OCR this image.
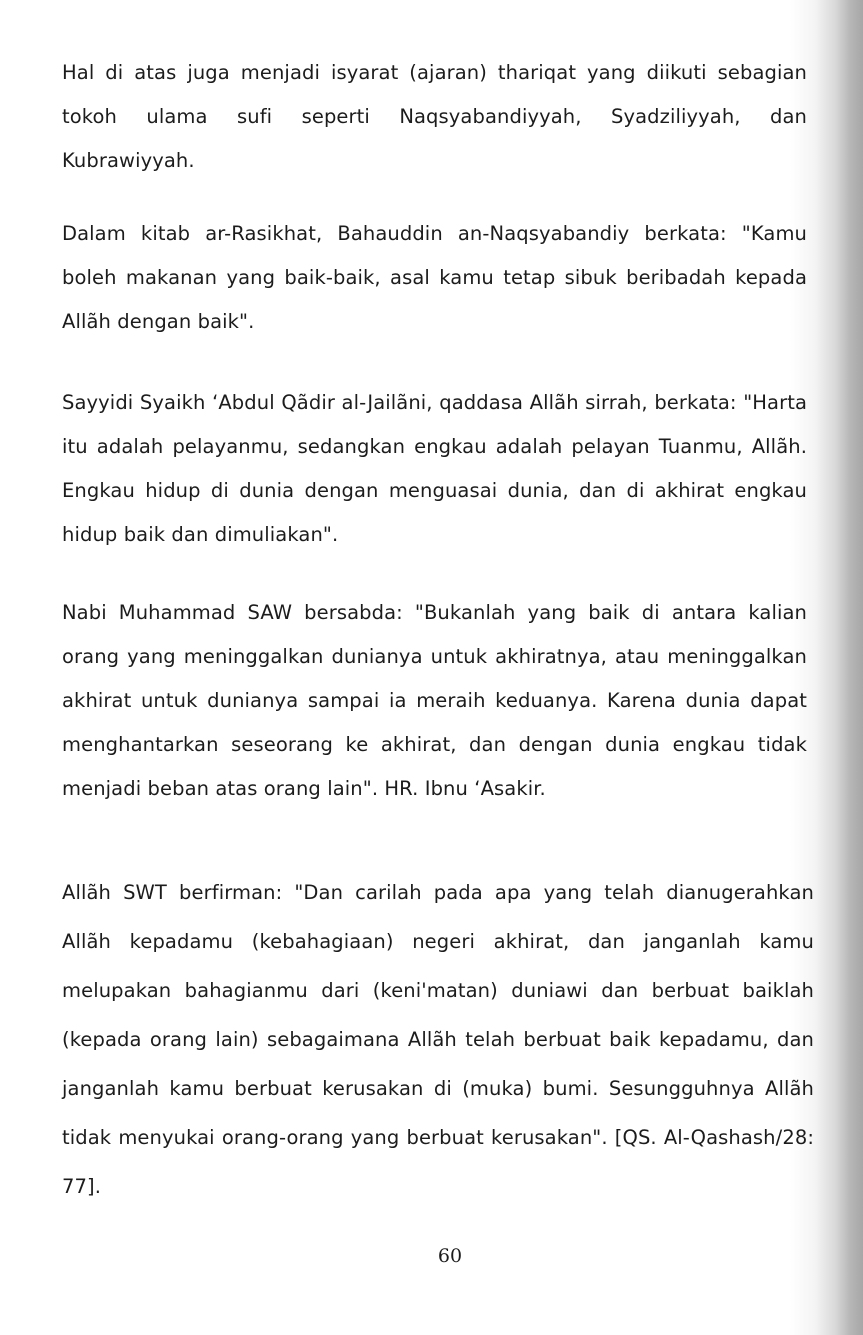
Hal di atas juga menjadi isyarat (ajaran) thariqat yang diikuti sebagian tokoh ulama sufi seperti Naqsyabandiyyah, Syadziliyyah, dan Kubrawiyyah.

Dalam kitab ar-Rasikhat, Bahauddin an-Naqsyabandiy berkata: "Kamu boleh makanan yang baik-baik, asal kamu tetap sibuk beribadah kepada Allãh dengan baik".

Sayyidi Syaikh ‘Abdul Qãdir al-Jailãni, qaddasa Allãh sirrah, berkata: "Harta itu adalah pelayanmu, sedangkan engkau adalah pelayan Tuanmu, Allãh. Engkau hidup di dunia dengan menguasai dunia, dan di akhirat engkau hidup baik dan dimuliakan".

Nabi Muhammad SAW bersabda: "Bukanlah yang baik di antara kalian orang yang meninggalkan dunianya untuk akhiratnya, atau meninggalkan akhirat untuk dunianya sampai ia meraih keduanya. Karena dunia dapat menghantarkan seseorang ke akhirat, dan dengan dunia engkau tidak menjadi beban atas orang lain". HR. Ibnu ‘Asakir.

Allãh SWT berfirman: "Dan carilah pada apa yang telah dianugerahkan Allãh kepadamu (kebahagiaan) negeri akhirat, dan janganlah kamu melupakan bahagianmu dari (keni'matan) duniawi dan berbuat baiklah (kepada orang lain) sebagaimana Allãh telah berbuat baik kepadamu, dan janganlah kamu berbuat kerusakan di (muka) bumi. Sesungguhnya Allãh tidak menyukai orang-orang yang berbuat kerusakan". [QS. Al-Qashash/28: 77].

60
